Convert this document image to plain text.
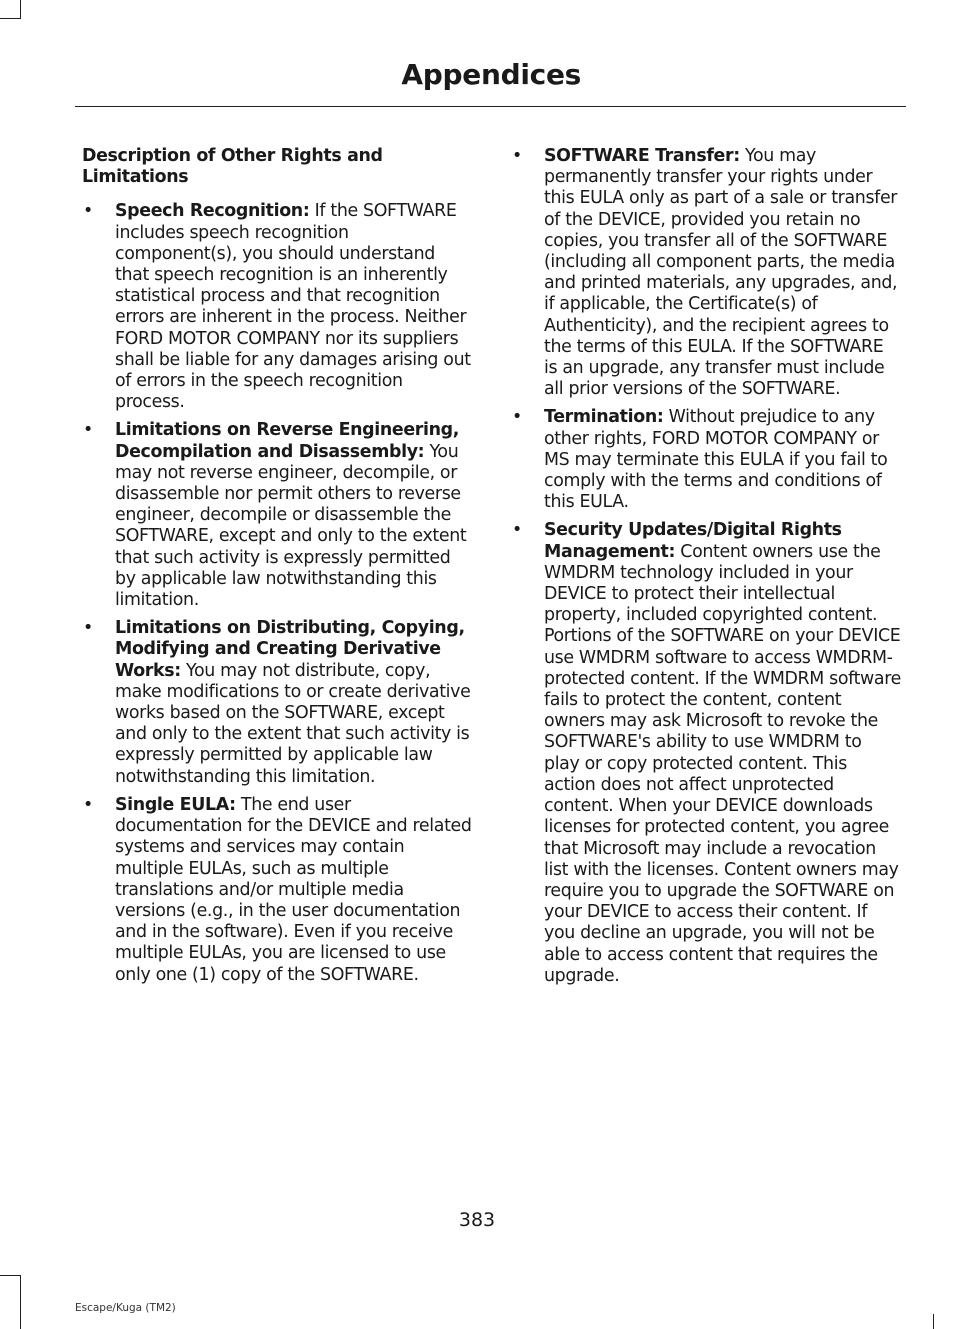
Appendices
Description of Other Rights and Limitations
• Speech Recognition: If the SOFTWARE includes speech recognition component(s), you should understand that speech recognition is an inherently statistical process and that recognition errors are inherent in the process. Neither FORD MOTOR COMPANY nor its suppliers shall be liable for any damages arising out of errors in the speech recognition process.
• Limitations on Reverse Engineering, Decompilation and Disassembly: You may not reverse engineer, decompile, or disassemble nor permit others to reverse engineer, decompile or disassemble the SOFTWARE, except and only to the extent that such activity is expressly permitted by applicable law notwithstanding this limitation.
• Limitations on Distributing, Copying, Modifying and Creating Derivative Works: You may not distribute, copy, make modifications to or create derivative works based on the SOFTWARE, except and only to the extent that such activity is expressly permitted by applicable law notwithstanding this limitation.
• Single EULA: The end user documentation for the DEVICE and related systems and services may contain multiple EULAs, such as multiple translations and/or multiple media versions (e.g., in the user documentation and in the software). Even if you receive multiple EULAs, you are licensed to use only one (1) copy of the SOFTWARE.
• SOFTWARE Transfer: You may permanently transfer your rights under this EULA only as part of a sale or transfer of the DEVICE, provided you retain no copies, you transfer all of the SOFTWARE (including all component parts, the media and printed materials, any upgrades, and, if applicable, the Certificate(s) of Authenticity), and the recipient agrees to the terms of this EULA. If the SOFTWARE is an upgrade, any transfer must include all prior versions of the SOFTWARE.
• Termination: Without prejudice to any other rights, FORD MOTOR COMPANY or MS may terminate this EULA if you fail to comply with the terms and conditions of this EULA.
• Security Updates/Digital Rights Management: Content owners use the WMDRM technology included in your DEVICE to protect their intellectual property, included copyrighted content. Portions of the SOFTWARE on your DEVICE use WMDRM software to access WMDRM-protected content. If the WMDRM software fails to protect the content, content owners may ask Microsoft to revoke the SOFTWARE's ability to use WMDRM to play or copy protected content. This action does not affect unprotected content. When your DEVICE downloads licenses for protected content, you agree that Microsoft may include a revocation list with the licenses. Content owners may require you to upgrade the SOFTWARE on your DEVICE to access their content. If you decline an upgrade, you will not be able to access content that requires the upgrade.
383
Escape/Kuga (TM2)
